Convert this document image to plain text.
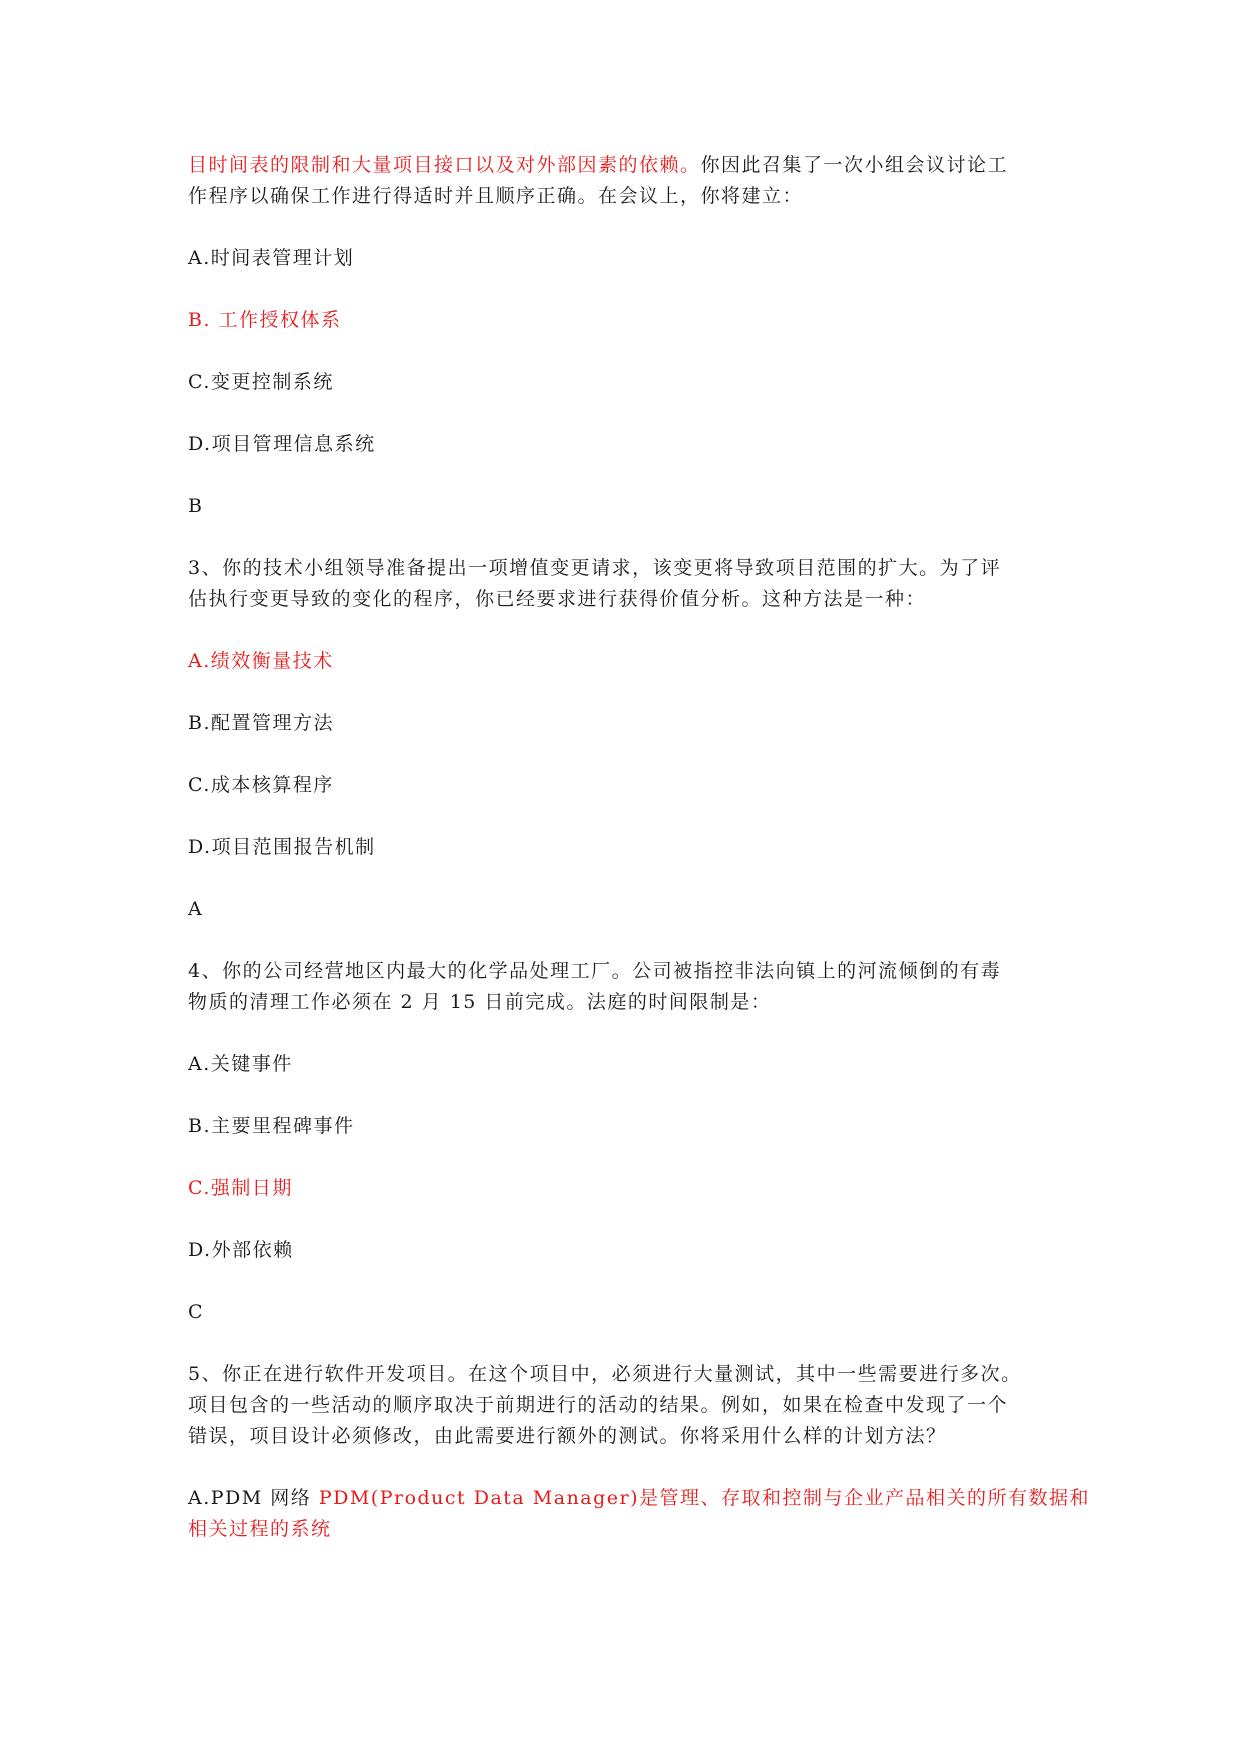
目时间表的限制和大量项目接口以及对外部因素的依赖。你因此召集了一次小组会议讨论工
作程序以确保工作进行得适时并且顺序正确。在会议上，你将建立：
A.时间表管理计划
B. 工作授权体系
C.变更控制系统
D.项目管理信息系统
B
3、你的技术小组领导准备提出一项增值变更请求，该变更将导致项目范围的扩大。为了评
估执行变更导致的变化的程序，你已经要求进行获得价值分析。这种方法是一种：
A.绩效衡量技术
B.配置管理方法
C.成本核算程序
D.项目范围报告机制
A
4、你的公司经营地区内最大的化学品处理工厂。公司被指控非法向镇上的河流倾倒的有毒
物质的清理工作必须在 2 月 15 日前完成。法庭的时间限制是：
A.关键事件
B.主要里程碑事件
C.强制日期
D.外部依赖
C
5、你正在进行软件开发项目。在这个项目中，必须进行大量测试，其中一些需要进行多次。
项目包含的一些活动的顺序取决于前期进行的活动的结果。例如，如果在检查中发现了一个
错误，项目设计必须修改，由此需要进行额外的测试。你将采用什么样的计划方法？
A.PDM 网络 PDM(Product Data Manager)是管理、存取和控制与企业产品相关的所有数据和
相关过程的系统
